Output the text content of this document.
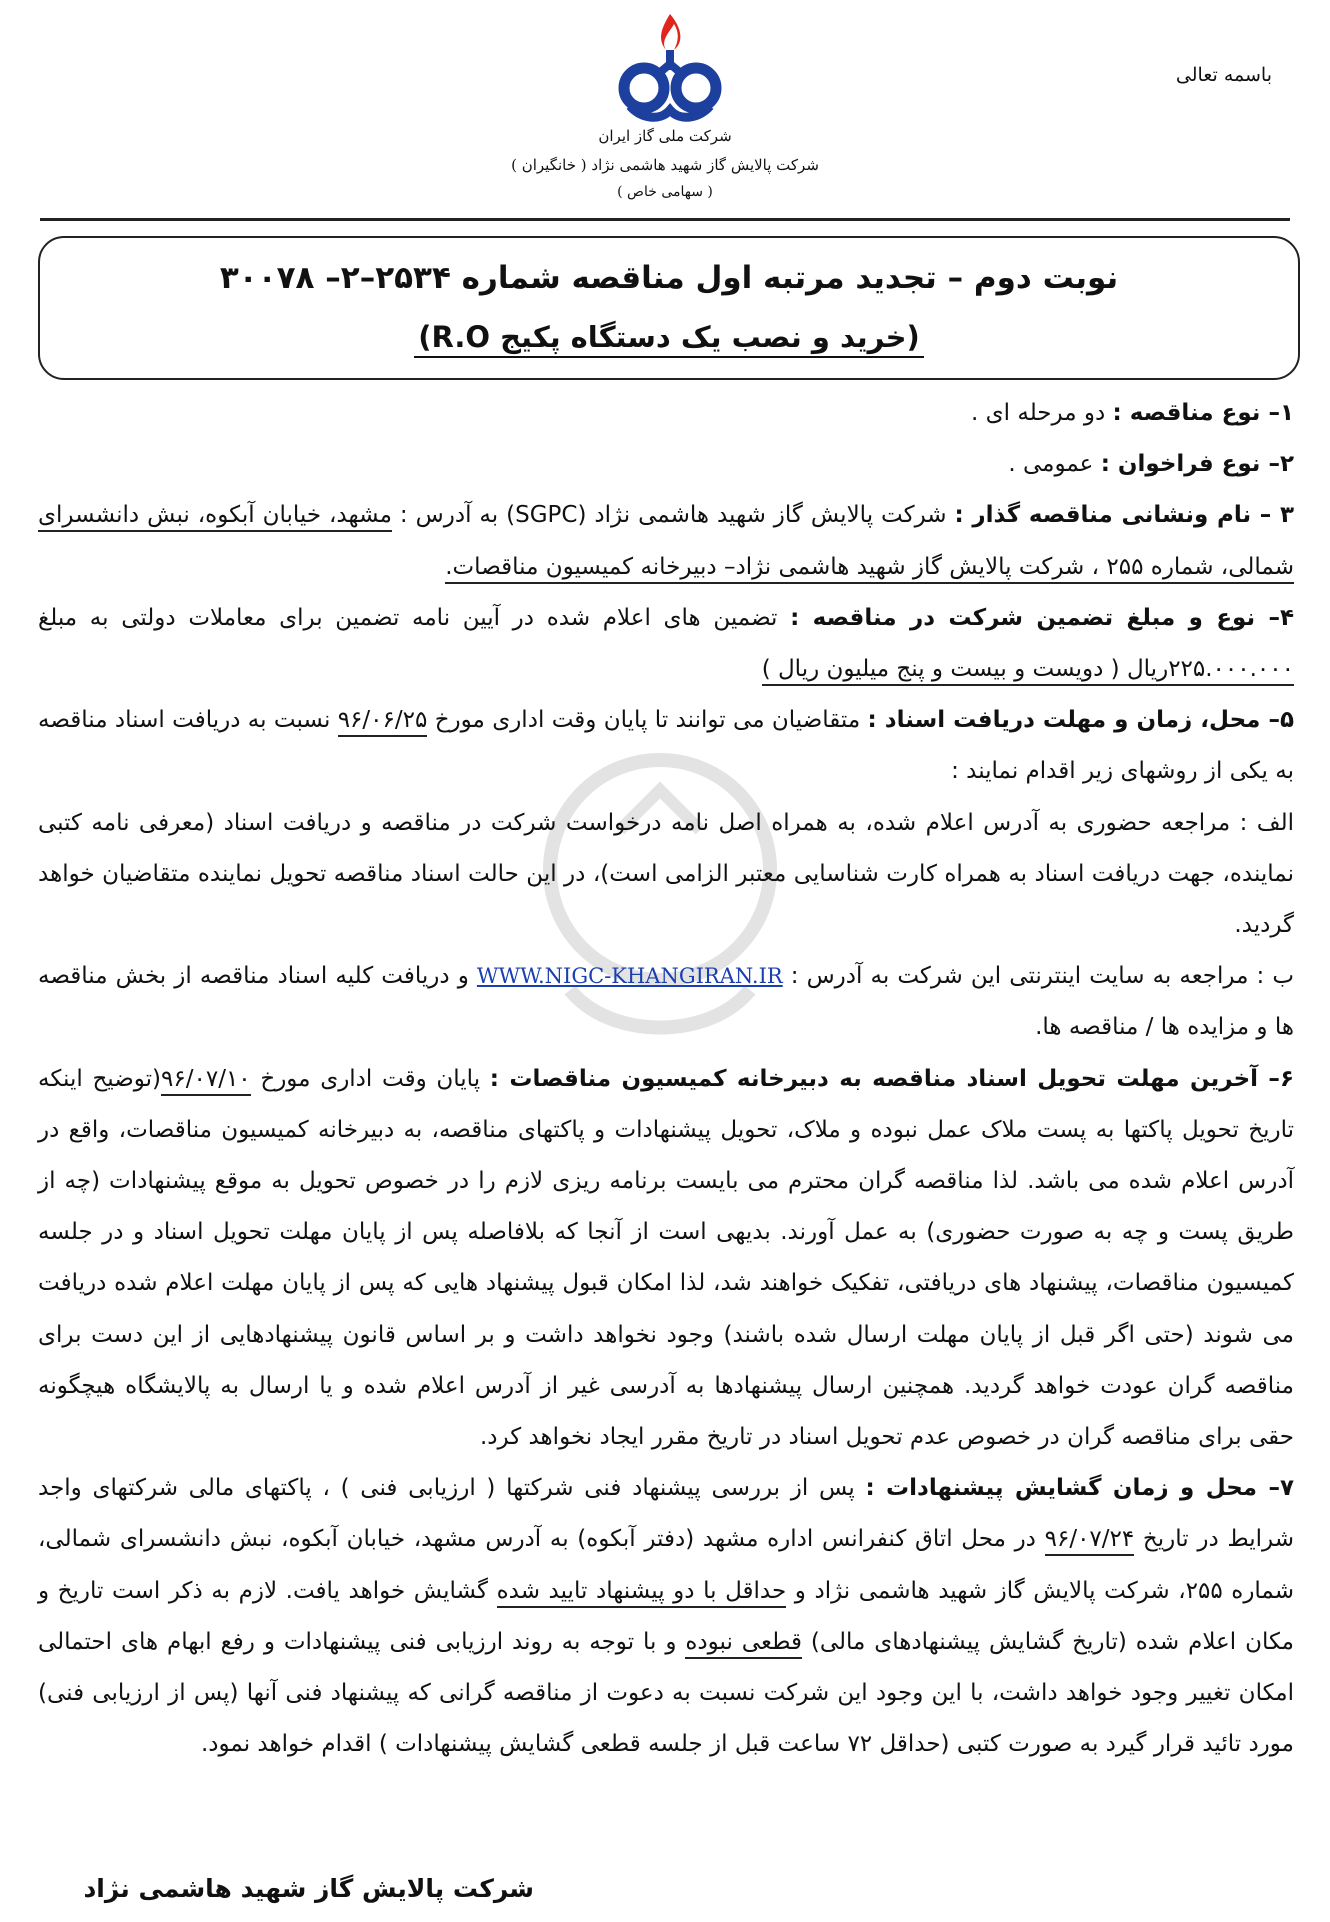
باسمه تعالی
شرکت ملی گاز ایران
شرکت پالایش گاز شهید هاشمی نژاد ( خانگیران )
( سهامی خاص )
نوبت دوم – تجدید مرتبه اول مناقصه شماره ۲۵۳۴–۲– ۳۰۰۷۸
(خرید و نصب یک دستگاه پکیج R.O)

۱– نوع مناقصه : دو مرحله ای .

۲– نوع فراخوان : عمومی .

۳ – نام ونشانی مناقصه گذار : شرکت پالایش گاز شهید هاشمی نژاد (SGPC) به آدرس : مشهد، خیابان آبکوه، نبش دانشسرای شمالی، شماره ۲۵۵ ، شرکت پالایش گاز شهید هاشمی نژاد– دبیرخانه کمیسیون مناقصات.

۴– نوع و مبلغ تضمین شرکت در مناقصه : تضمین های اعلام شده در آیین نامه تضمین برای معاملات دولتی به مبلغ ۲۲۵.۰۰۰.۰۰۰ریال ( دویست و بیست و پنج میلیون ریال )

۵– محل، زمان و مهلت دریافت اسناد : متقاضیان می توانند تا پایان وقت اداری مورخ ۹۶/۰۶/۲۵ نسبت به دریافت اسناد مناقصه به یکی از روشهای زیر اقدام نمایند :

الف : مراجعه حضوری به آدرس اعلام شده، به همراه اصل نامه درخواست شرکت در مناقصه و دریافت اسناد (معرفی نامه کتبی نماینده، جهت دریافت اسناد به همراه کارت شناسایی معتبر الزامی است)، در این حالت اسناد مناقصه تحویل نماینده متقاضیان خواهد گردید.

ب : مراجعه به سایت اینترنتی این شرکت به آدرس : WWW.NIGC-KHANGIRAN.IR و دریافت کلیه اسناد مناقصه از بخش مناقصه ها و مزایده ها / مناقصه ها.

۶– آخرین مهلت تحویل اسناد مناقصه به دبیرخانه کمیسیون مناقصات : پایان وقت اداری مورخ ۹۶/۰۷/۱۰(توضیح اینکه تاریخ تحویل پاکتها به پست ملاک عمل نبوده و ملاک، تحویل پیشنهادات و پاکتهای مناقصه، به دبیرخانه کمیسیون مناقصات، واقع در آدرس اعلام شده می باشد. لذا مناقصه گران محترم می بایست برنامه ریزی لازم را در خصوص تحویل به موقع پیشنهادات (چه از طریق پست و چه به صورت حضوری) به عمل آورند. بدیهی است از آنجا که بلافاصله پس از پایان مهلت تحویل اسناد و در جلسه کمیسیون مناقصات، پیشنهاد های دریافتی، تفکیک خواهند شد، لذا امکان قبول پیشنهاد هایی که پس از پایان مهلت اعلام شده دریافت می شوند (حتی اگر قبل از پایان مهلت ارسال شده باشند) وجود نخواهد داشت و بر اساس قانون پیشنهادهایی از این دست برای مناقصه گران عودت خواهد گردید. همچنین ارسال پیشنهادها به آدرسی غیر از آدرس اعلام شده و یا ارسال به پالایشگاه هیچگونه حقی برای مناقصه گران در خصوص عدم تحویل اسناد در تاریخ مقرر ایجاد نخواهد کرد.

۷– محل و زمان گشایش پیشنهادات : پس از بررسی پیشنهاد فنی شرکتها ( ارزیابی فنی ) ، پاکتهای مالی شرکتهای واجد شرایط در تاریخ ۹۶/۰۷/۲۴ در محل اتاق کنفرانس اداره مشهد (دفتر آبکوه) به آدرس مشهد، خیابان آبکوه، نبش دانشسرای شمالی، شماره ۲۵۵، شرکت پالایش گاز شهید هاشمی نژاد و حداقل با دو پیشنهاد تایید شده گشایش خواهد یافت. لازم به ذکر است تاریخ و مکان اعلام شده (تاریخ گشایش پیشنهادهای مالی) قطعی نبوده و با توجه به روند ارزیابی فنی پیشنهادات و رفع ابهام های احتمالی امکان تغییر وجود خواهد داشت، با این وجود این شرکت نسبت به دعوت از مناقصه گرانی که پیشنهاد فنی آنها (پس از ارزیابی فنی) مورد تائید قرار گیرد به صورت کتبی (حداقل ۷۲ ساعت قبل از جلسه قطعی گشایش پیشنهادات ) اقدام خواهد نمود.

شرکت پالایش گاز شهید هاشمی نژاد
